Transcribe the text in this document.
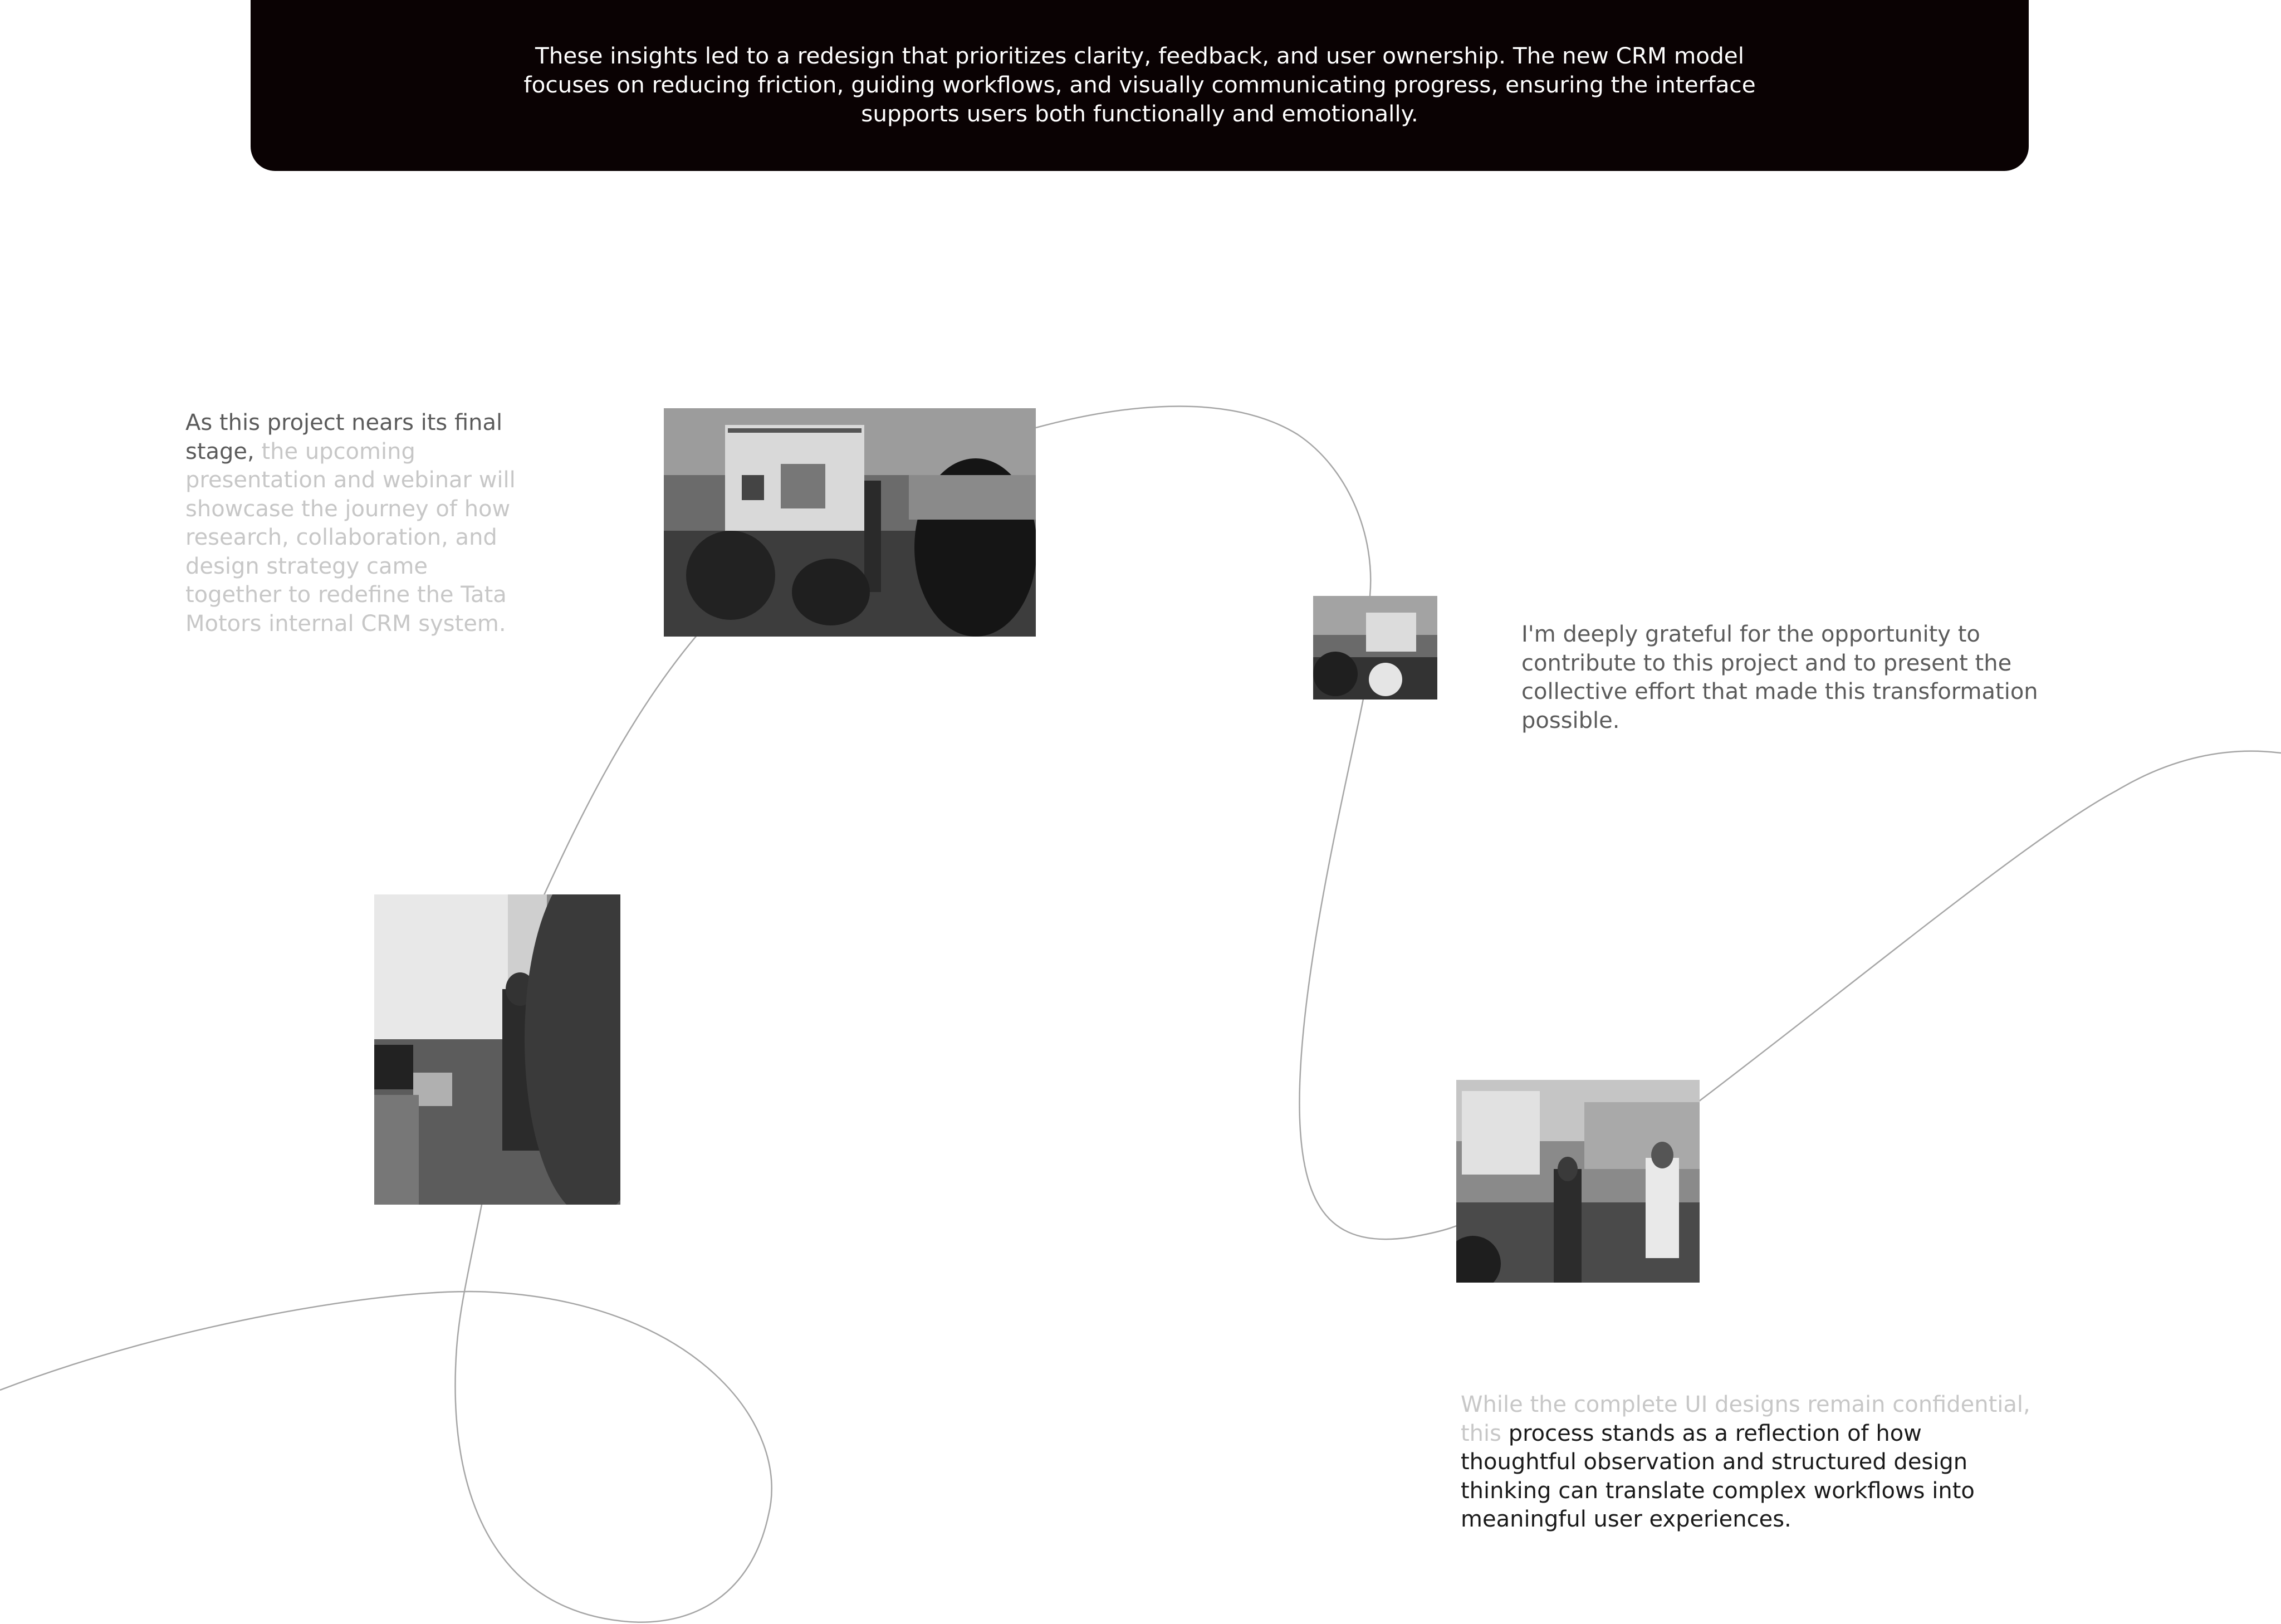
These insights led to a redesign that prioritizes clarity, feedback, and user ownership. The new CRM model focuses on reducing friction, guiding workflows, and visually communicating progress, ensuring the interface supports users both functionally and emotionally.

As this project nears its final stage, the upcoming presentation and webinar will showcase the journey of how research, collaboration, and design strategy came together to redefine the Tata Motors internal CRM system.	I'm deeply grateful for the opportunity to contribute to this project and to present the collective effort that made this transformation possible.

While the complete UI designs remain confidential, this process stands as a reflection of how thoughtful observation and structured design thinking can translate complex workflows into meaningful user experiences.
